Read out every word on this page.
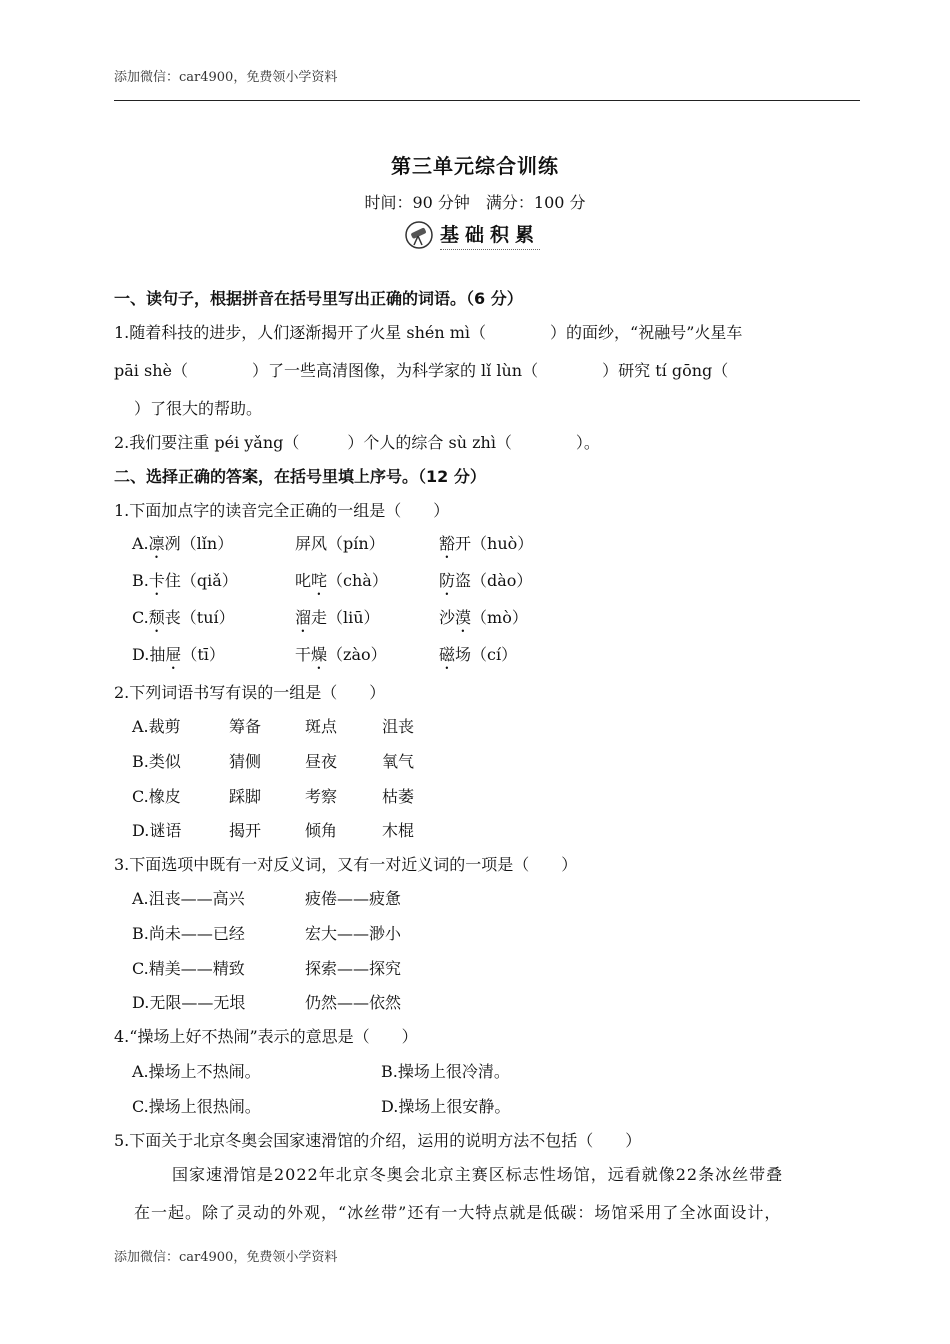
添加微信：car4900，免费领小学资料
第三单元综合训练
时间：90 分钟　满分：100 分
基础积累
一、读句子，根据拼音在括号里写出正确的词语。（6 分）
1.随着科技的进步，人们逐渐揭开了火星 shén mì（　　　　）的面纱，“祝融号”火星车
pāi shè（　　　　）了一些高清图像，为科学家的 lǐ lùn（　　　　）研究 tí gōng（
）了很大的帮助。
2.我们要注重 péi yǎng（　　　）个人的综合 sù zhì（　　　　）。
二、选择正确的答案，在括号里填上序号。（12 分）
1.下面加点字的读音完全正确的一组是（　　）
A.凛冽（lǐn）	屏风（pín）	豁开（huò）
B.卡住（qiǎ）	叱咤（chà）	防盗（dào）
C.颓丧（tuí）	溜走（liū）	沙漠（mò）
D.抽屉（tī）	干燥（zào）	磁场（cí）
2.下列词语书写有误的一组是（　　）
A.裁剪	筹备	斑点	沮丧
B.类似	猜侧	昼夜	氧气
C.橡皮	踩脚	考察	枯萎
D.谜语	揭开	倾角	木棍
3.下面选项中既有一对反义词，又有一对近义词的一项是（　　）
A.沮丧——高兴	疲倦——疲惫
B.尚未——已经	宏大——渺小
C.精美——精致	探索——探究
D.无限——无垠	仍然——依然
4.“操场上好不热闹”表示的意思是（　　）
A.操场上不热闹。	B.操场上很冷清。
C.操场上很热闹。	D.操场上很安静。
5.下面关于北京冬奥会国家速滑馆的介绍，运用的说明方法不包括（　　）
国家速滑馆是2022年北京冬奥会北京主赛区标志性场馆，远看就像22条冰丝带叠
在一起。除了灵动的外观，“冰丝带”还有一大特点就是低碳：场馆采用了全冰面设计，
添加微信：car4900，免费领小学资料
